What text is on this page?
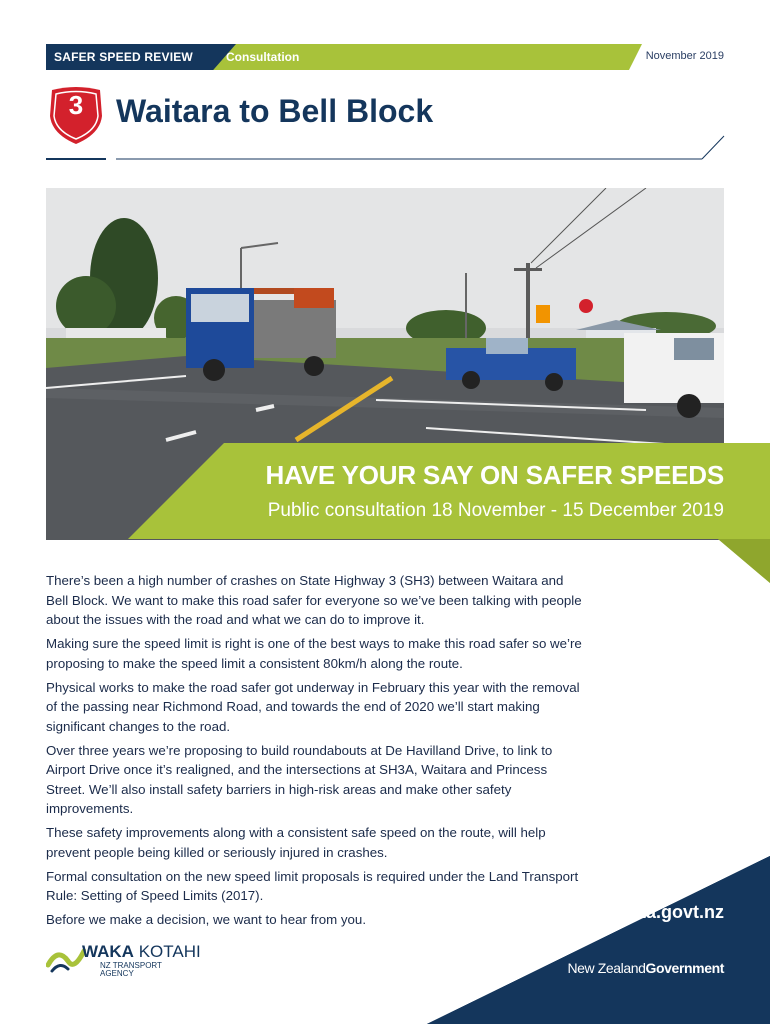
SAFER SPEED REVIEW	Consultation	November 2019
3	Waitara to Bell Block
HAVE YOUR SAY ON SAFER SPEEDS
Public consultation 18 November - 15 December 2019

There’s been a high number of crashes on State Highway 3 (SH3) between Waitara and Bell Block. We want to make this road safer for everyone so we’ve been talking with people about the issues with the road and what we can do to improve it.

Making sure the speed limit is right is one of the best ways to make this road safer so we’re proposing to make the speed limit a consistent 80km/h along the route.

Physical works to make the road safer got underway in February this year with the removal of the passing near Richmond Road, and towards the end of 2020 we’ll start making significant changes to the road.

Over three years we’re proposing to build roundabouts at De Havilland Drive, to link to Airport Drive once it’s realigned, and the intersections at SH3A, Waitara and Princess Street. We’ll also install safety barriers in high-risk areas and make other safety improvements.

These safety improvements along with a consistent safe speed on the route, will help prevent people being killed or seriously injured in crashes.

Formal consultation on the new speed limit proposals is required under the Land Transport Rule: Setting of Speed Limits (2017).

Before we make a decision, we want to hear from you.	nzta.govt.nz
New ZealandGovernment
WAKA KOTAHI
NZ TRANSPORT
AGENCY
